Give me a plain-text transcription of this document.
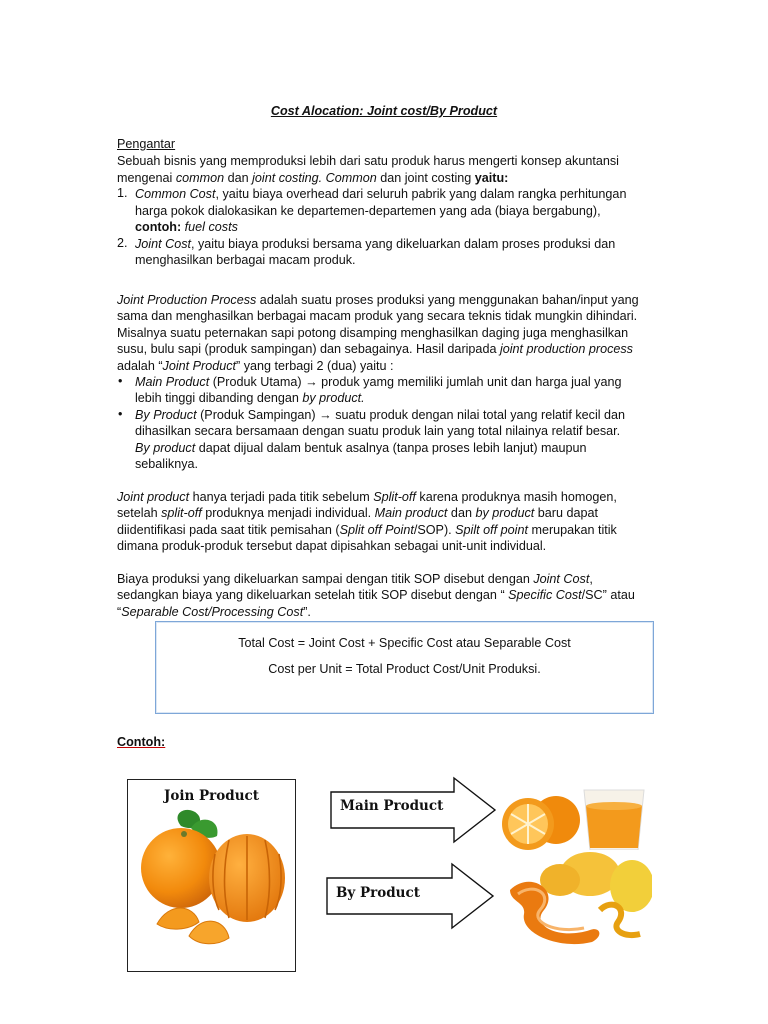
Cost Alocation: Joint cost/By Product
Pengantar
Sebuah bisnis yang memproduksi lebih dari satu produk harus mengerti konsep akuntansi
mengenai common dan joint costing. Common dan joint costing yaitu:
1. Common Cost, yaitu biaya overhead dari seluruh pabrik yang dalam rangka perhitungan
harga pokok dialokasikan ke departemen-departemen yang ada (biaya bergabung),
contoh: fuel costs
2. Joint Cost, yaitu biaya produksi bersama yang dikeluarkan dalam proses produksi dan
menghasilkan berbagai macam produk.
Joint Production Process adalah suatu proses produksi yang menggunakan bahan/input yang
sama dan menghasilkan berbagai macam produk yang secara teknis tidak mungkin dihindari.
Misalnya suatu peternakan sapi potong disamping menghasilkan daging juga menghasilkan
susu, bulu sapi (produk sampingan) dan sebagainya. Hasil daripada joint production process
adalah “Joint Product” yang terbagi 2 (dua) yaitu :
• Main Product (Produk Utama) → produk yamg memiliki jumlah unit dan harga jual yang
lebih tinggi dibanding dengan by product.
• By Product (Produk Sampingan) → suatu produk dengan nilai total yang relatif kecil dan
dihasilkan secara bersamaan dengan suatu produk lain yang total nilainya relatif besar.
By product dapat dijual dalam bentuk asalnya (tanpa proses lebih lanjut) maupun
sebaliknya.
Joint product hanya terjadi pada titik sebelum Split-off karena produknya masih homogen,
setelah split-off produknya menjadi individual. Main product dan by product baru dapat
diidentifikasi pada saat titik pemisahan (Split off Point/SOP). Spilt off point merupakan titik
dimana produk-produk tersebut dapat dipisahkan sebagai unit-unit individual.
Biaya produksi yang dikeluarkan sampai dengan titik SOP disebut dengan Joint Cost,
sedangkan biaya yang dikeluarkan setelah titik SOP disebut dengan “ Specific Cost/SC” atau
“Separable Cost/Processing Cost”.
Total Cost = Joint Cost + Specific Cost atau Separable Cost
Cost per Unit = Total Product Cost/Unit Produksi.
Contoh:
Join Product
Main Product
By Product
